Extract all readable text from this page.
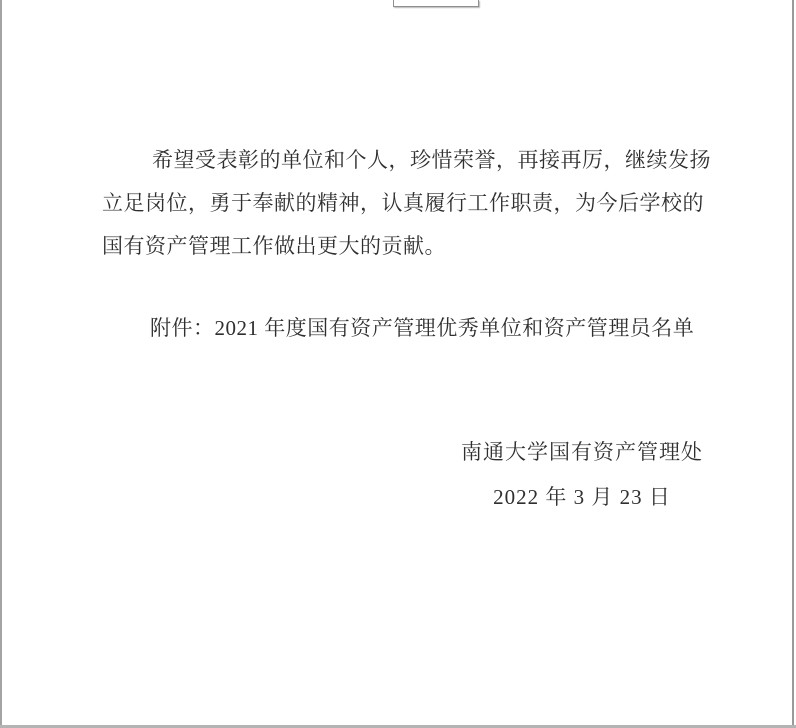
希望受表彰的单位和个人，珍惜荣誉，再接再厉，继续发扬
立足岗位，勇于奉献的精神，认真履行工作职责，为今后学校的
国有资产管理工作做出更大的贡献。
附件：2021 年度国有资产管理优秀单位和资产管理员名单
南通大学国有资产管理处
2022 年 3 月 23 日
